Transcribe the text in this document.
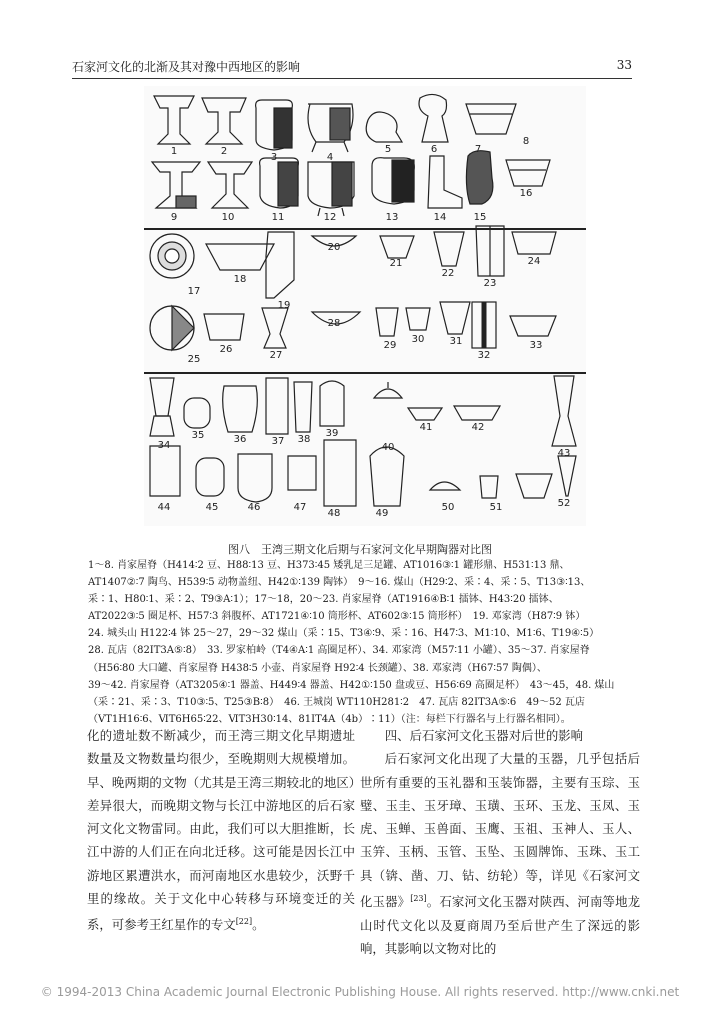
石家河文化的北渐及其对豫中西地区的影响	33
1	2
3	4
5	6	7
8
9	10	11	12	13	14	15
16
17
18
19
20
21
22
23
24
25
26
27
28
29
30	31
32
33
34
35	36	37 38
39
40
41	42
43
44	45	46	47
48	49
50	51	52
图八　王湾三期文化后期与石家河文化早期陶器对比图
1～8. 肖家屋脊（H414∶2 豆、H88∶13 豆、H373∶45 矮乳足三足罐、AT1016③∶1 罐形鼎、H531∶13 鼎、
AT1407②∶7 陶鸟、H539∶5 动物盖纽、H42①∶139 陶钵）　9～16. 煤山（H29∶2、采∶4、采∶5、T13③∶13、
采∶1、H80∶1、采∶2、T9③A∶1）；17～18，20～23. 肖家屋脊（AT1916④B∶1 擂钵、H43∶20 擂钵、
AT2022③∶5 圈足杯、H57∶3 斜腹杯、AT1721④∶10 筒形杯、AT602③∶15 筒形杯）　19. 邓家湾（H87∶9 钵）
24. 城头山 H122∶4 钵 25～27，29～32 煤山（采∶15、T3④∶9、采∶16、H47∶3、M1∶10、M1∶6、T19④∶5）
28. 瓦店（82ⅠT3A⑤∶8）　33. 罗家柏岭（T4④A∶1 高圈足杯）、34. 邓家湾（M57∶11 小罐）、35～37. 肖家屋脊
（H56∶80 大口罐、肖家屋脊 H438∶5 小壶、肖家屋脊 H92∶4 长颈罐）、38. 邓家湾（H67∶57 陶偶）、
39～42. 肖家屋脊（AT3205④∶1 器盖、H449∶4 器盖、H42①∶150 盘或豆、H56∶69 高圈足杯）　43～45，48. 煤山
（采∶21、采∶3、T10③∶5、T25③B∶8）　46. 王城岗 WT110H281∶2　47. 瓦店 82ⅠT3A⑤∶6　49～52 瓦店
（ⅤT1H16∶6、ⅥT6H65∶22、ⅥT3H30∶14、81ⅠT4A（4b）∶11）（注：每栏下行器名与上行器名相同）。

化的遗址数不断减少，而王湾三期文化早期遗址数量及文物数量均很少，至晚期则大规模增加。早、晚两期的文物（尤其是王湾三期较北的地区）差异很大，而晚期文物与长江中游地区的后石家河文化文物雷同。由此，我们可以大胆推断，长江中游的人们正在向北迁移。这可能是因长江中游地区累遭洪水，而河南地区水患较少，沃野千里的缘故。关于文化中心转移与环境变迁的关系，可参考王红星作的专文[22]。

四、后石家河文化玉器对后世的影响

后石家河文化出现了大量的玉器，几乎包括后世所有重要的玉礼器和玉装饰器，主要有玉琮、玉璧、玉圭、玉牙璋、玉璜、玉环、玉龙、玉凤、玉虎、玉蝉、玉兽面、玉鹰、玉祖、玉神人、玉人、玉笄、玉柄、玉管、玉坠、玉圆牌饰、玉珠、玉工具（锛、凿、刀、钻、纺轮）等，详见《石家河文化玉器》[23]。石家河文化玉器对陕西、河南等地龙山时代文化以及夏商周乃至后世产生了深远的影响，其影响以文物对比的

© 1994-2013 China Academic Journal Electronic Publishing House. All rights reserved. http://www.cnki.net
